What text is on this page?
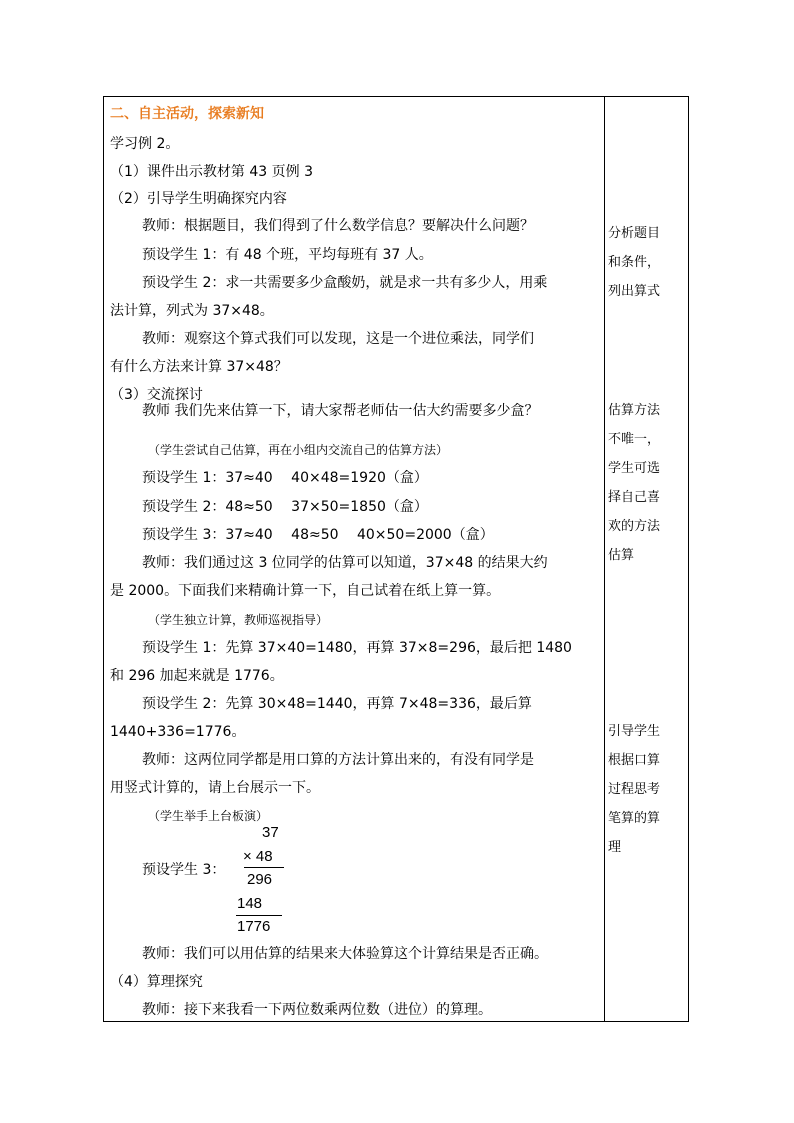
二、自主活动，探索新知
学习例 2。
（1）课件出示教材第 43 页例 3
（2）引导学生明确探究内容
教师：根据题目，我们得到了什么数学信息？要解决什么问题？
预设学生 1：有 48 个班，平均每班有 37 人。
预设学生 2：求一共需要多少盒酸奶，就是求一共有多少人，用乘
法计算，列式为 37×48。
教师：观察这个算式我们可以发现，这是一个进位乘法，同学们
有什么方法来计算 37×48？
（3）交流探讨
教师 我们先来估算一下，请大家帮老师估一估大约需要多少盒？
（学生尝试自己估算，再在小组内交流自己的估算方法）
预设学生 1：37≈40　 40×48=1920（盒）
预设学生 2：48≈50　 37×50=1850（盒）
预设学生 3：37≈40　 48≈50　 40×50=2000（盒）
教师：我们通过这 3 位同学的估算可以知道，37×48 的结果大约
是 2000。下面我们来精确计算一下，自己试着在纸上算一算。
（学生独立计算，教师巡视指导）
预设学生 1：先算 37×40=1480，再算 37×8=296，最后把 1480
和 296 加起来就是 1776。
预设学生 2：先算 30×48=1440，再算 7×48=336，最后算
1440+336=1776。
教师：这两位同学都是用口算的方法计算出来的，有没有同学是
用竖式计算的，请上台展示一下。
（学生举手上台板演）
预设学生 3：
37
× 48
296
148
1776
教师：我们可以用估算的结果来大体验算这个计算结果是否正确。
（4）算理探究
教师：接下来我看一下两位数乘两位数（进位）的算理。
分析题目
和条件，
列出算式
估算方法
不唯一，
学生可选
择自己喜
欢的方法
估算
引导学生
根据口算
过程思考
笔算的算
理
